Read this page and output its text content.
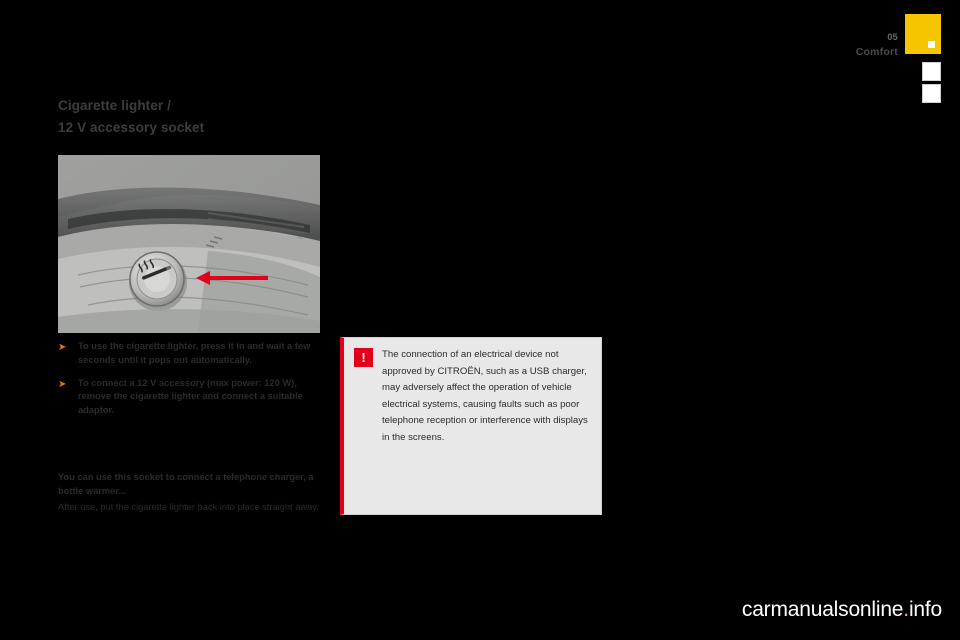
05
Comfort
Cigarette lighter /
12 V accessory socket
➤	To use the cigarette lighter, press it in and wait a few seconds until it pops out automatically.
➤	To connect a 12 V accessory (max power: 120 W), remove the cigarette lighter and connect a suitable adaptor.
You can use this socket to connect a telephone charger, a bottle warmer...
After use, put the cigarette lighter back into place straight away.
!	The connection of an electrical device not approved by CITROËN, such as a USB charger, may adversely affect the operation of vehicle electrical systems, causing faults such as poor telephone reception or interference with displays in the screens.
carmanualsonline.info
